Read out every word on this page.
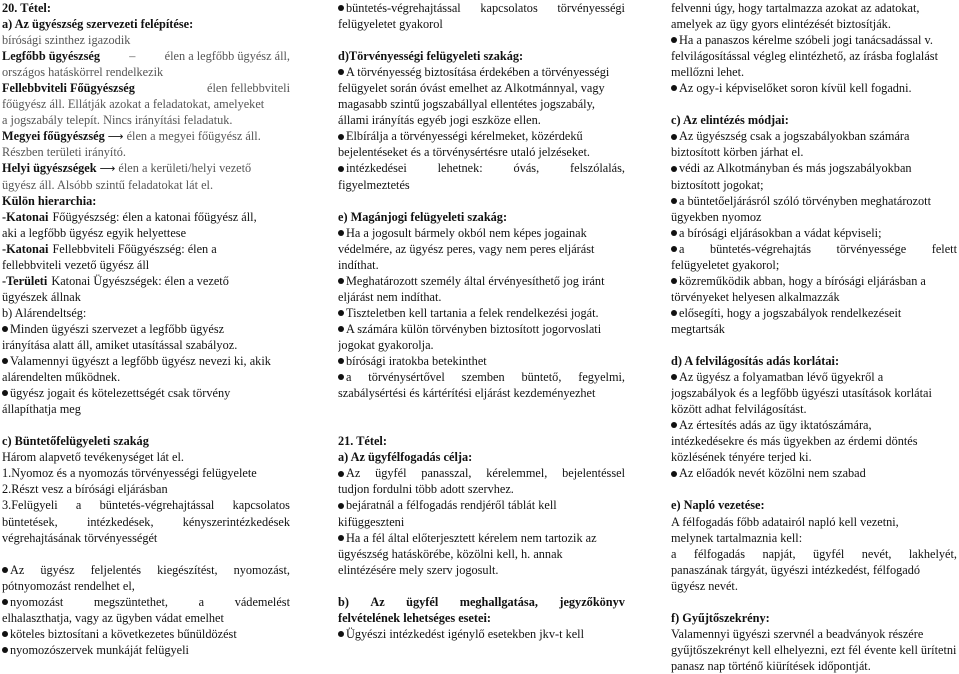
20. Tétel:
a) Az ügyészség szervezeti felépítése:
bírósági szinthez igazodik
Legfőbb ügyészség – élen a legfőbb ügyész áll,
országos hatáskörrel rendelkezik
Fellebbviteli Főügyészség	élen fellebbviteli
főügyész áll. Ellátják azokat a feladatokat, amelyeket
a jogszabály telepít. Nincs irányítási feladatuk.
Megyei főügyészség ⟶ élen a megyei főügyész áll.
Részben területi irányító.
Helyi ügyészségek ⟶ élen a kerületi/helyi vezető
ügyész áll. Alsóbb szintű feladatokat lát el.
Külön hierarchia:
-Katonai Főügyészség: élen a katonai főügyész áll,
aki a legfőbb ügyész egyik helyettese
-Katonai Fellebbviteli Főügyészség: élen a
fellebbviteli vezető ügyész áll
-Területi Katonai Ügyészségek: élen a vezető
ügyészek állnak
b) Alárendeltség:
Minden ügyészi szervezet a legfőbb ügyész
irányítása alatt áll, amiket utasítással szabályoz.
Valamennyi ügyészt a legfőbb ügyész nevezi ki, akik
alárendelten működnek.
ügyész jogait és kötelezettségét csak törvény
állapíthatja meg
c) Büntetőfelügyeleti szakág
Három alapvető tevékenységet lát el.
1.Nyomoz és a nyomozás törvényességi felügyelete
2.Részt vesz a bírósági eljárásban
3.Felügyeli a büntetés-végrehajtással kapcsolatos
büntetések, intézkedések, kényszerintézkedések
végrehajtásának törvényességét
Az ügyész feljelentés kiegészítést, nyomozást,
pótnyomozást rendelhet el,
nyomozást megszüntethet, a vádemelést
elhalaszthatja, vagy az ügyben vádat emelhet
köteles biztosítani a következetes bűnüldözést
nyomozószervek munkáját felügyeli
büntetés-végrehajtással kapcsolatos törvényességi
felügyeletet gyakorol
d)Törvényességi felügyeleti szakág:
A törvényesség biztosítása érdekében a törvényességi
felügyelet során óvást emelhet az Alkotmánnyal, vagy
magasabb szintű jogszabállyal ellentétes jogszabály,
állami irányítás egyéb jogi eszköze ellen.
Elbírálja a törvényességi kérelmeket, közérdekű
bejelentéseket és a törvénysértésre utaló jelzéseket.
intézkedései	lehetnek:	óvás,	felszólalás,
figyelmeztetés
e) Magánjogi felügyeleti szakág:
Ha a jogosult bármely okból nem képes jogainak
védelmére, az ügyész peres, vagy nem peres eljárást
indíthat.
Meghatározott személy által érvényesíthető jog iránt
eljárást nem indíthat.
Tiszteletben kell tartania a felek rendelkezési jogát.
A számára külön törvényben biztosított jogorvoslati
jogokat gyakorolja.
bírósági iratokba betekinthet
a törvénysértővel szemben büntető, fegyelmi,
szabálysértési és kártérítési eljárást kezdeményezhet
21. Tétel:
a) Az ügyfélfogadás célja:
Az ügyfél panasszal, kérelemmel, bejelentéssel
tudjon fordulni több adott szervhez.
bejáratnál a félfogadás rendjéről táblát kell
kifüggeszteni
Ha a fél által előterjesztett kérelem nem tartozik az
ügyészség hatáskörébe, közölni kell, h. annak
elintézésére mely szerv jogosult.
b) Az ügyfél meghallgatása, jegyzőkönyv
felvételének lehetséges esetei:
Ügyészi intézkedést igénylő esetekben jkv-t kell
felvenni úgy, hogy tartalmazza azokat az adatokat,
amelyek az ügy gyors elintézését biztosítják.
Ha a panaszos kérelme szóbeli jogi tanácsadással v.
felvilágosítással végleg elintézhető, az írásba foglalást
mellőzni lehet.
Az ogy-i képviselőket soron kívül kell fogadni.
c) Az elintézés módjai:
Az ügyészség csak a jogszabályokban számára
biztosított körben járhat el.
védi az Alkotmányban és más jogszabályokban
biztosított jogokat;
a büntetőeljárásról szóló törvényben meghatározott
ügyekben nyomoz
a bírósági eljárásokban a vádat képviseli;
a büntetés-végrehajtás törvényessége felett
felügyeletet gyakorol;
közreműködik abban, hogy a bírósági eljárásban a
törvényeket helyesen alkalmazzák
elősegíti, hogy a jogszabályok rendelkezéseit
megtartsák
d) A felvilágosítás adás korlátai:
Az ügyész a folyamatban lévő ügyekről a
jogszabályok és a legfőbb ügyészi utasítások korlátai
között adhat felvilágosítást.
Az értesítés adás az ügy iktatószámára,
intézkedésekre és más ügyekben az érdemi döntés
közlésének tényére terjed ki.
Az előadók nevét közölni nem szabad
e) Napló vezetése:
A félfogadás főbb adatairól napló kell vezetni,
melynek tartalmaznia kell:
a félfogadás napját, ügyfél nevét, lakhelyét,
panaszának tárgyát, ügyészi intézkedést, félfogadó
ügyész nevét.
f) Gyűjtőszekrény:
Valamennyi ügyészi szervnél a beadványok részére
gyűjtőszekrényt kell elhelyezni, ezt fél évente kell ürítetni
panasz nap történő kiürítések időpontját.
